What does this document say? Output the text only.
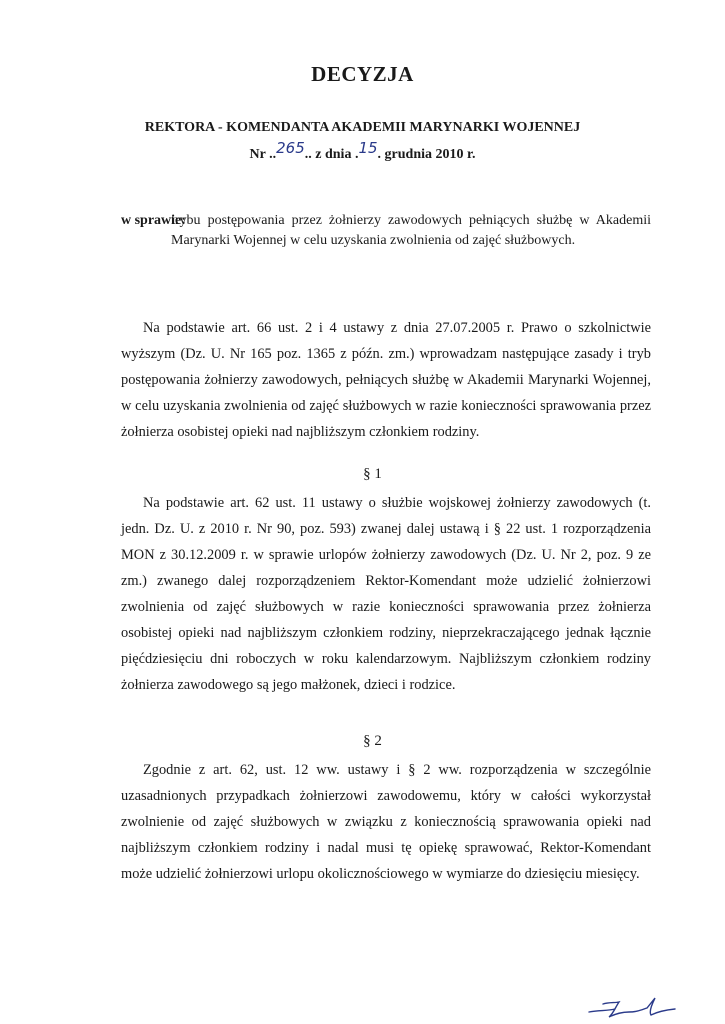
DECYZJA
REKTORA - KOMENDANTA AKADEMII MARYNARKI WOJENNEJ
Nr ..265.. z dnia .15. grudnia 2010 r.
w sprawie:
trybu postępowania przez żołnierzy zawodowych pełniących służbę w Akademii Marynarki Wojennej w celu uzyskania zwolnienia od zajęć służbowych.
Na podstawie art. 66 ust. 2 i 4 ustawy z dnia 27.07.2005 r. Prawo o szkolnictwie wyższym (Dz. U. Nr 165 poz. 1365 z późn. zm.) wprowadzam następujące zasady i tryb postępowania żołnierzy zawodowych, pełniących służbę w Akademii Marynarki Wojennej, w celu uzyskania zwolnienia od zajęć służbowych w razie konieczności sprawowania przez żołnierza osobistej opieki nad najbliższym członkiem rodziny.
§ 1
Na podstawie art. 62 ust. 11 ustawy o służbie wojskowej żołnierzy zawodowych (t. jedn. Dz. U. z 2010 r. Nr 90, poz. 593) zwanej dalej ustawą i § 22 ust. 1 rozporządzenia MON z 30.12.2009 r. w sprawie urlopów żołnierzy zawodowych (Dz. U. Nr 2, poz. 9 ze zm.) zwanego dalej rozporządzeniem Rektor-Komendant może udzielić żołnierzowi zwolnienia od zajęć służbowych w razie konieczności sprawowania przez żołnierza osobistej opieki nad najbliższym członkiem rodziny, nieprzekraczającego jednak łącznie pięćdziesięciu dni roboczych w roku kalendarzowym. Najbliższym członkiem rodziny żołnierza zawodowego są jego małżonek, dzieci i rodzice.
§ 2
Zgodnie z art. 62, ust. 12 ww. ustawy i § 2 ww. rozporządzenia w szczególnie uzasadnionych przypadkach żołnierzowi zawodowemu, który w całości wykorzystał zwolnienie od zajęć służbowych w związku z koniecznością sprawowania opieki nad najbliższym członkiem rodziny i nadal musi tę opiekę sprawować, Rektor-Komendant może udzielić żołnierzowi urlopu okolicznościowego w wymiarze do dziesięciu miesięcy.
